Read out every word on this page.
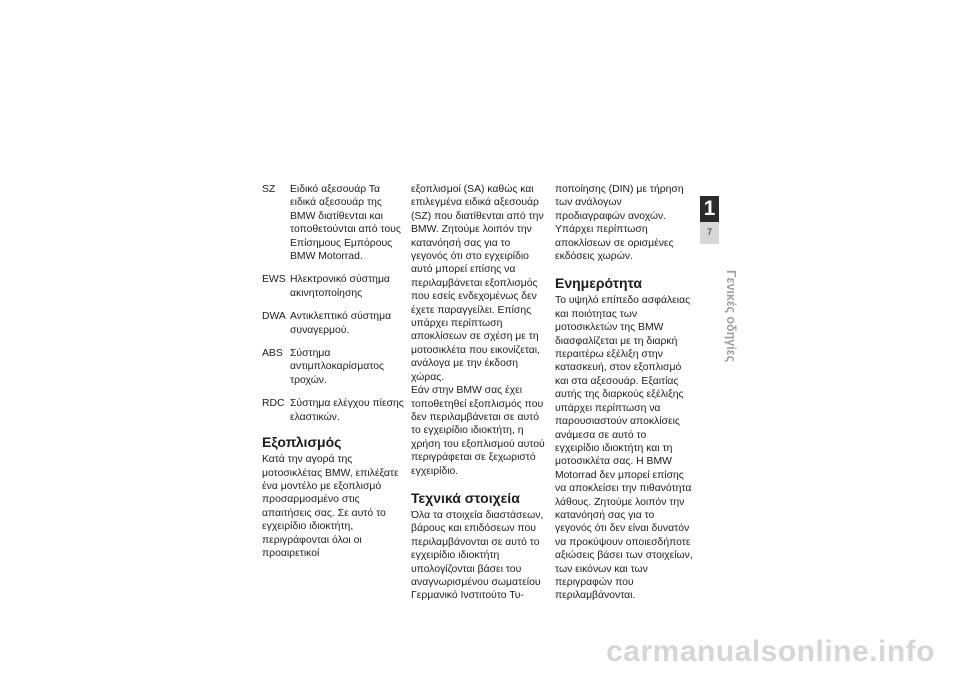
SZ	Ειδικό αξεσουάρ Τα ειδικά αξεσουάρ της BMW διατίθενται και τοποθετούνται από τους Επίσημους Εμπόρους BMW Motorrad.
EWS Ηλεκτρονικό σύστημα ακινητοποίησης
DWA Αντικλεπτικό σύστημα συναγερμού.
ABS Σύστημα αντιμπλοκαρίσματος τροχών.
RDC Σύστημα ελέγχου πίεσης ελαστικών.
Εξοπλισμός

Κατά την αγορά της μοτοσικλέτας BMW, επιλέξατε ένα μοντέλο με εξοπλισμό προσαρμοσμένο στις απαιτήσεις σας. Σε αυτό το εγχειρίδιο ιδιοκτήτη, περιγράφονται όλοι οι προαιρετικοί

εξοπλισμοί (SA) καθώς και επιλεγμένα ειδικά αξεσουάρ (SZ) που διατίθενται από την BMW. Ζητούμε λοιπόν την κατανόησή σας για το γεγονός ότι στο εγχειρίδιο αυτό μπορεί επίσης να περιλαμβάνεται εξοπλισμός που εσείς ενδεχομένως δεν έχετε παραγγείλει. Επίσης υπάρχει περίπτωση αποκλίσεων σε σχέση με τη μοτοσικλέτα που εικονίζεται, ανάλογα με την έκδοση χώρας.

Εάν στην BMW σας έχει τοποθετηθεί εξοπλισμός που δεν περιλαμβάνεται σε αυτό το εγχειρίδιο ιδιοκτήτη, η χρήση του εξοπλισμού αυτού περιγράφεται σε ξεχωριστό εγχειρίδιο.

Τεχνικά στοιχεία

Όλα τα στοιχεία διαστάσεων, βάρους και επιδόσεων που περιλαμβάνονται σε αυτό το εγχειρίδιο ιδιοκτήτη υπολογίζονται βάσει του αναγνωρισμένου σωματείου Γερμανικό Ινστιτούτο Τυ-

ποποίησης (DIN) με τήρηση των ανάλογων προδιαγραφών ανοχών. Υπάρχει περίπτωση αποκλίσεων σε ορισμένες εκδόσεις χωρών.

Ενημερότητα

Το υψηλό επίπεδο ασφάλειας και ποιότητας των μοτοσικλετών της BMW διασφαλίζεται με τη διαρκή περαιτέρω εξέλιξη στην κατασκευή, στον εξοπλισμό και στα αξεσουάρ. Εξαιτίας αυτής της διαρκούς εξέλιξης υπάρχει περίπτωση να παρουσιαστούν αποκλίσεις ανάμεσα σε αυτό το εγχειρίδιο ιδιοκτήτη και τη μοτοσικλέτα σας. Η BMW Motorrad δεν μπορεί επίσης να αποκλείσει την πιθανότητα λάθους. Ζητούμε λοιπόν την κατανόησή σας για το γεγονός ότι δεν είναι δυνατόν να προκύψουν οποιεσδήποτε αξιώσεις βάσει των στοιχείων, των εικόνων και των περιγραφών που περιλαμβάνονται.

1
7
Γενικές οδηγίες
carmanualsonline.info
